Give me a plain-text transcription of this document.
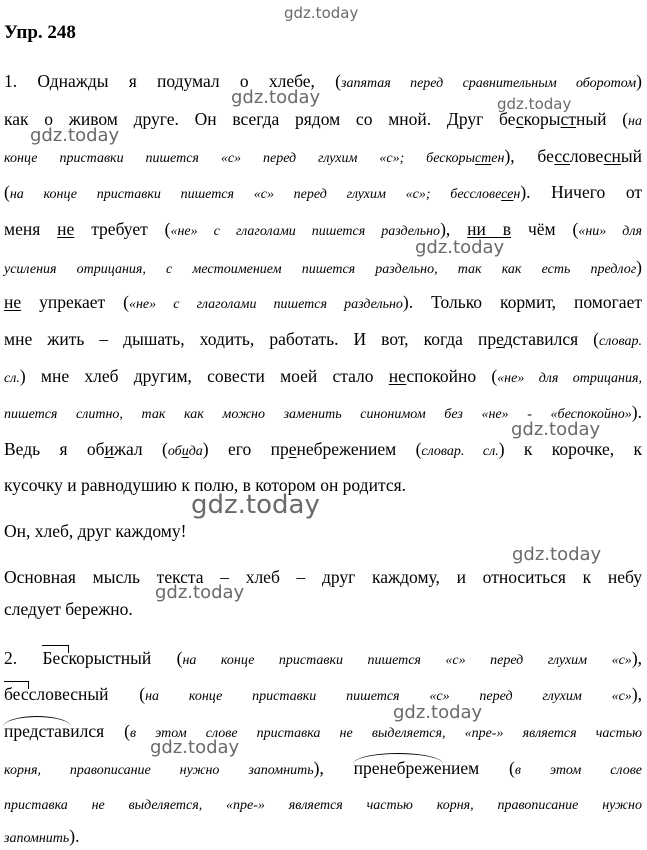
gdz.today
gdz.today	gdz.today
gdz.today
gdz.today
gdz.today
gdz.today
gdz.today
gdz.today
gdz.today
gdz.today
Упр. 248
1. Однажды я подумал о хлебе, (запятая перед сравнительным оборотом)
как о живом друге. Он всегда рядом со мной. Друг бескорыстный (на
конце приставки пишется «с» перед глухим «с»; бескорыстен), бессловесный
(на конце приставки пишется «с» перед глухим «с»; бессловесен). Ничего от
меня не требует («не» с глаголами пишется раздельно), ни в чём («ни» для
усиления отрицания, с местоимением пишется раздельно, так как есть предлог)
не упрекает («не» с глаголами пишется раздельно). Только кормит, помогает
мне жить – дышать, ходить, работать. И вот, когда представился (словар.
сл.) мне хлеб другим, совести моей стало неспокойно («не» для отрицания,
пишется слитно, так как можно заменить синонимом без «не» - «беспокойно»).
Ведь я обижал (обида) его пренебрежением (словар. сл.) к корочке, к
кусочку и равнодушию к полю, в котором он родится.
Он, хлеб, друг каждому!
Основная мысль текста – хлеб – друг каждому, и относиться к небу
следует бережно.
2. Бескорыстный (на конце приставки пишется «с» перед глухим «с»),
бессловесный (на конце приставки пишется «с» перед глухим «с»),
представился (в этом слове приставка не выделяется, «пре-» является частью
корня, правописание нужно запомнить), пренебрежением (в этом слове
приставка не выделяется, «пре-» является частью корня, правописание нужно
запомнить).
